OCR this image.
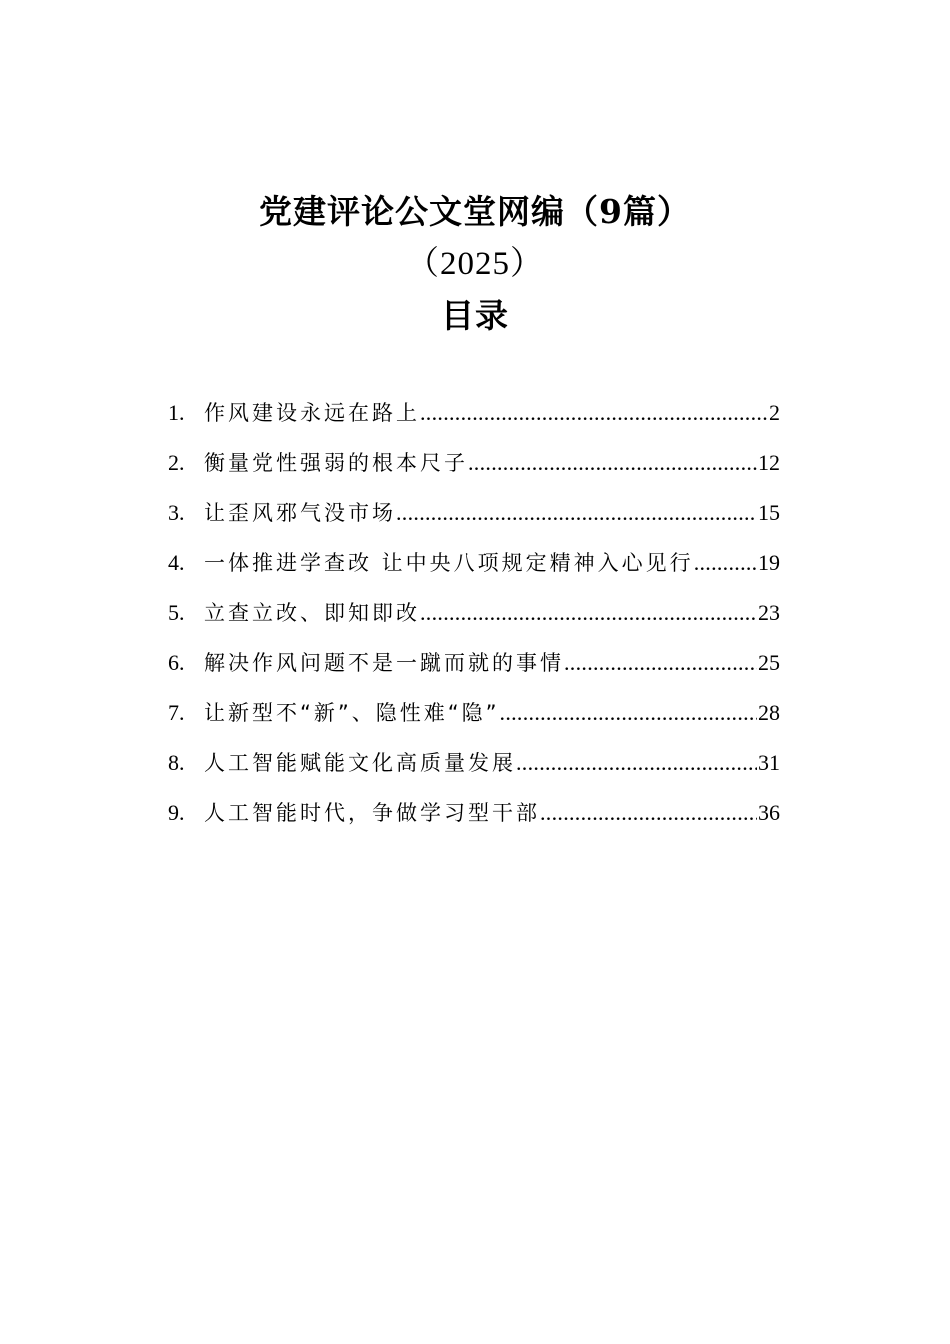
党建评论公文堂网编（9篇）
（2025）
目录
1. 作风建设永远在路上 .....	2
2. 衡量党性强弱的根本尺子 .....	12
3. 让歪风邪气没市场 .....	15
4. 一体推进学查改 让中央八项规定精神入心见行 .....	19
5. 立查立改、即知即改 .....	23
6. 解决作风问题不是一蹴而就的事情 .....	25
7. 让新型不“新”、隐性难“隐” .....	28
8. 人工智能赋能文化高质量发展 .....	31
9. 人工智能时代，争做学习型干部 .....	36
